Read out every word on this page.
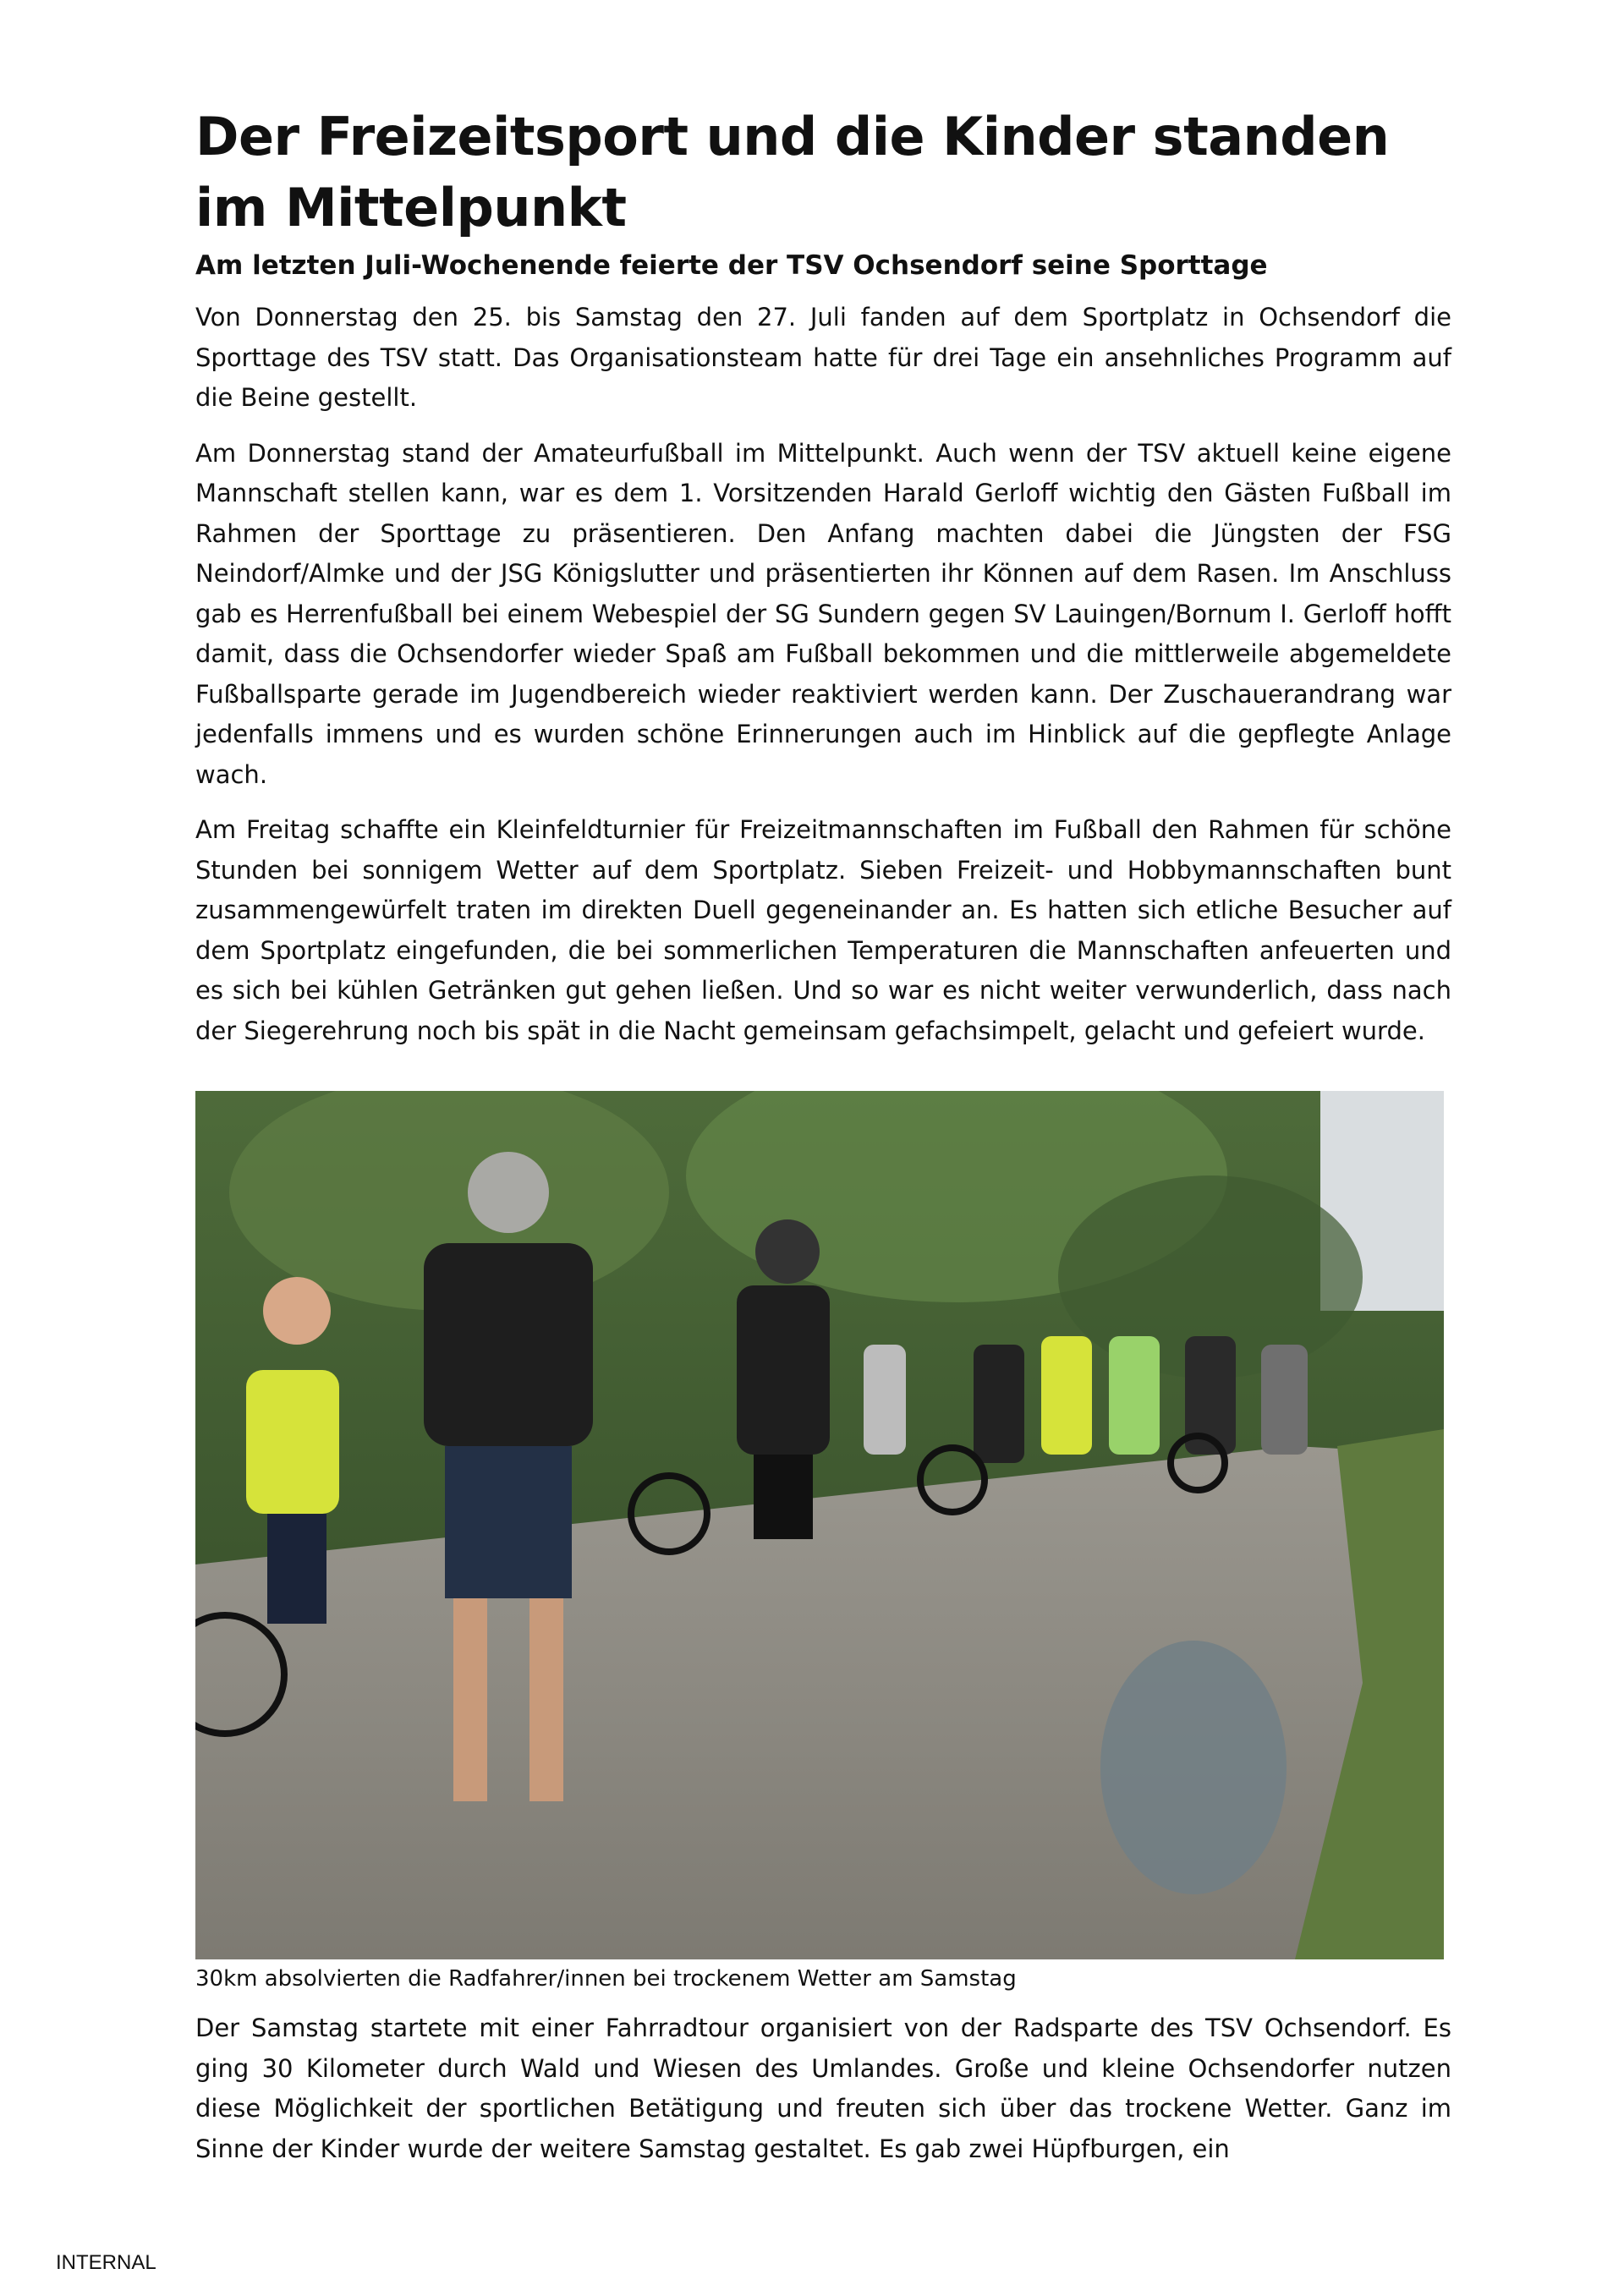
Der Freizeitsport und die Kinder standen im Mittelpunkt
Am letzten Juli-Wochenende feierte der TSV Ochsendorf seine Sporttage

Von Donnerstag den 25. bis Samstag den 27. Juli fanden auf dem Sportplatz in Ochsendorf die Sporttage des TSV statt. Das Organisationsteam hatte für drei Tage ein ansehnliches Programm auf die Beine gestellt.

Am Donnerstag stand der Amateurfußball im Mittelpunkt. Auch wenn der TSV aktuell keine eigene Mannschaft stellen kann, war es dem 1. Vorsitzenden Harald Gerloff wichtig den Gästen Fußball im Rahmen der Sporttage zu präsentieren. Den Anfang machten dabei die Jüngsten der FSG Neindorf/Almke und der JSG Königslutter und präsentierten ihr Können auf dem Rasen. Im Anschluss gab es Herrenfußball bei einem Webespiel der SG Sundern gegen SV Lauingen/Bornum I. Gerloff hofft damit, dass die Ochsendorfer wieder Spaß am Fußball bekommen und die mittlerweile abgemeldete Fußballsparte gerade im Jugendbereich wieder reaktiviert werden kann. Der Zuschauerandrang war jedenfalls immens und es wurden schöne Erinnerungen auch im Hinblick auf die gepflegte Anlage wach.

Am Freitag schaffte ein Kleinfeldturnier für Freizeitmannschaften im Fußball den Rahmen für schöne Stunden bei sonnigem Wetter auf dem Sportplatz. Sieben Freizeit- und Hobbymannschaften bunt zusammengewürfelt traten im direkten Duell gegeneinander an. Es hatten sich etliche Besucher auf dem Sportplatz eingefunden, die bei sommerlichen Temperaturen die Mannschaften anfeuerten und es sich bei kühlen Getränken gut gehen ließen. Und so war es nicht weiter verwunderlich, dass nach der Siegerehrung noch bis spät in die Nacht gemeinsam gefachsimpelt, gelacht und gefeiert wurde.

30km absolvierten die Radfahrer/innen bei trockenem Wetter am Samstag

Der Samstag startete mit einer Fahrradtour organisiert von der Radsparte des TSV Ochsendorf. Es ging 30 Kilometer durch Wald und Wiesen des Umlandes. Große und kleine Ochsendorfer nutzen diese Möglichkeit der sportlichen Betätigung und freuten sich über das trockene Wetter. Ganz im Sinne der Kinder wurde der weitere Samstag gestaltet. Es gab zwei Hüpfburgen, ein

INTERNAL
